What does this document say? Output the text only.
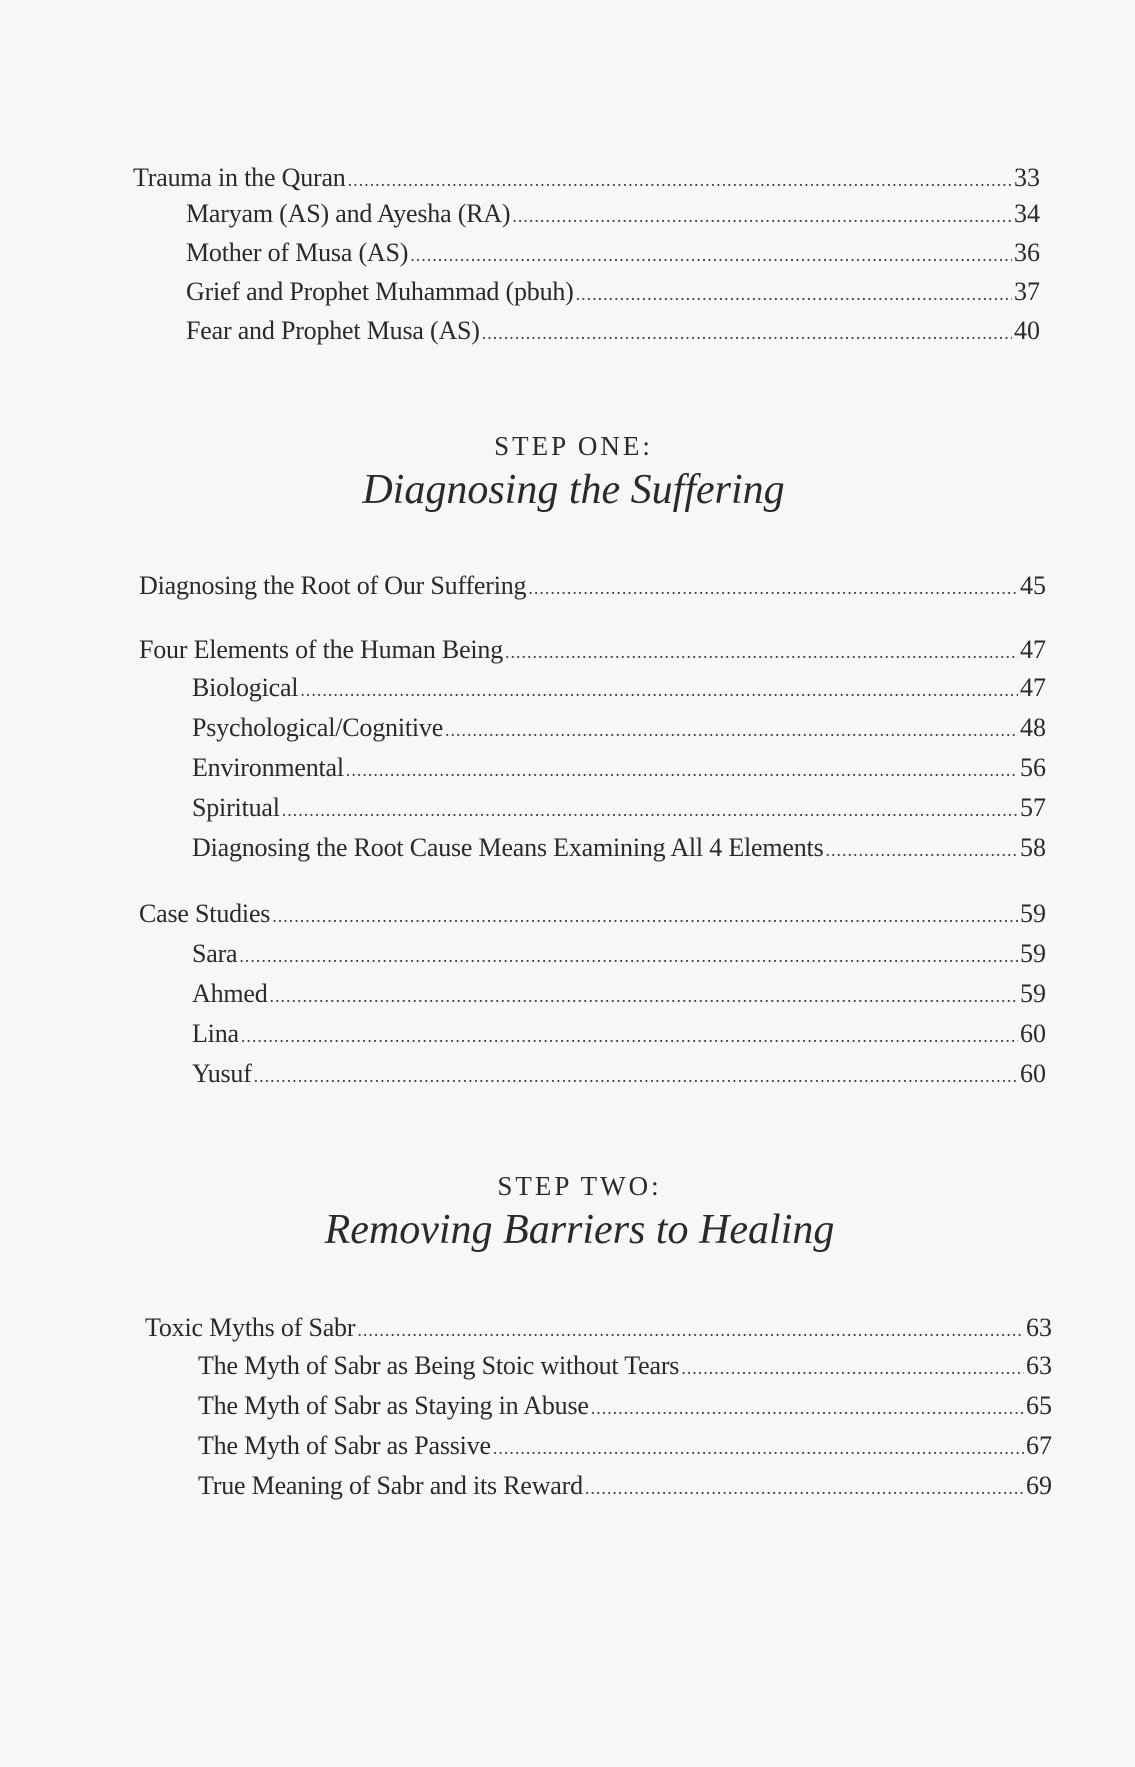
Trauma in the Quran .....	33
Maryam (AS) and Ayesha (RA) .....	34
Mother of Musa (AS) .....	36
Grief and Prophet Muhammad (pbuh) .....	37
Fear and Prophet Musa (AS) .....	40
STEP ONE:
Diagnosing the Suffering
Diagnosing the Root of Our Suffering .....	45
Four Elements of the Human Being .....	47
Biological .....	47
Psychological/Cognitive .....	48
Environmental .....	56
Spiritual .....	57
Diagnosing the Root Cause Means Examining All 4 Elements .....	58
Case Studies .....	59
Sara .....	59
Ahmed .....	59
Lina .....	60
Yusuf .....	60
STEP TWO:
Removing Barriers to Healing
Toxic Myths of Sabr .....	63
The Myth of Sabr as Being Stoic without Tears .....	63
The Myth of Sabr as Staying in Abuse .....	65
The Myth of Sabr as Passive .....	67
True Meaning of Sabr and its Reward .....	69
